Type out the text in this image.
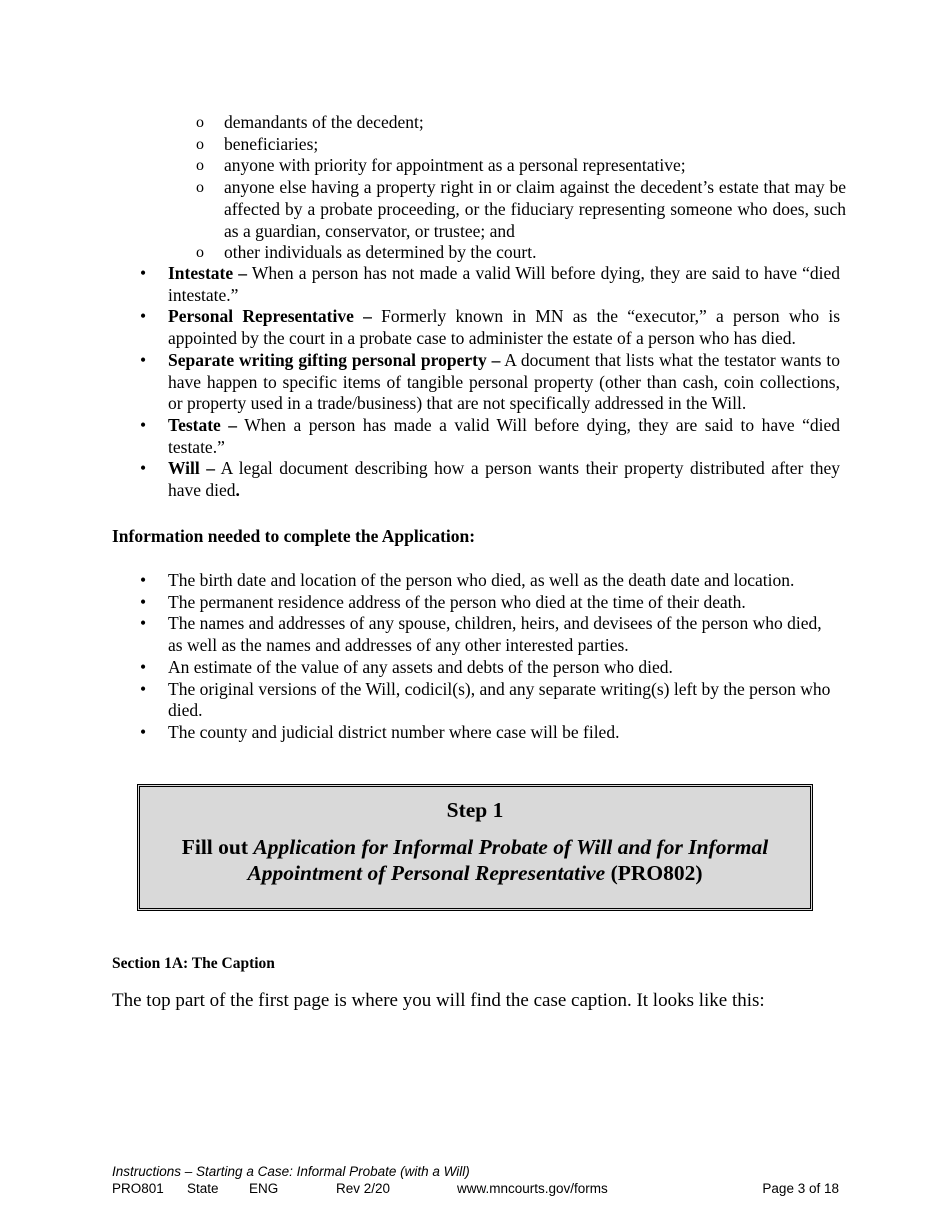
o demandants of the decedent;
o beneficiaries;
o anyone with priority for appointment as a personal representative;
o anyone else having a property right in or claim against the decedent’s estate that may be affected by a probate proceeding, or the fiduciary representing someone who does, such as a guardian, conservator, or trustee; and
o other individuals as determined by the court.
• Intestate – When a person has not made a valid Will before dying, they are said to have “died intestate.”
• Personal Representative – Formerly known in MN as the “executor,” a person who is appointed by the court in a probate case to administer the estate of a person who has died.
• Separate writing gifting personal property – A document that lists what the testator wants to have happen to specific items of tangible personal property (other than cash, coin collections, or property used in a trade/business) that are not specifically addressed in the Will.
• Testate – When a person has made a valid Will before dying, they are said to have “died testate.”
• Will – A legal document describing how a person wants their property distributed after they have died.
Information needed to complete the Application:
• The birth date and location of the person who died, as well as the death date and location.
• The permanent residence address of the person who died at the time of their death.
• The names and addresses of any spouse, children, heirs, and devisees of the person who died, as well as the names and addresses of any other interested parties.
• An estimate of the value of any assets and debts of the person who died.
• The original versions of the Will, codicil(s), and any separate writing(s) left by the person who died.
• The county and judicial district number where case will be filed.
Step 1
Fill out Application for Informal Probate of Will and for Informal Appointment of Personal Representative (PRO802)
Section 1A: The Caption
The top part of the first page is where you will find the case caption. It looks like this:
Instructions – Starting a Case: Informal Probate (with a Will)
PRO801 State ENG	Rev 2/20	www.mncourts.gov/forms	Page 3 of 18
